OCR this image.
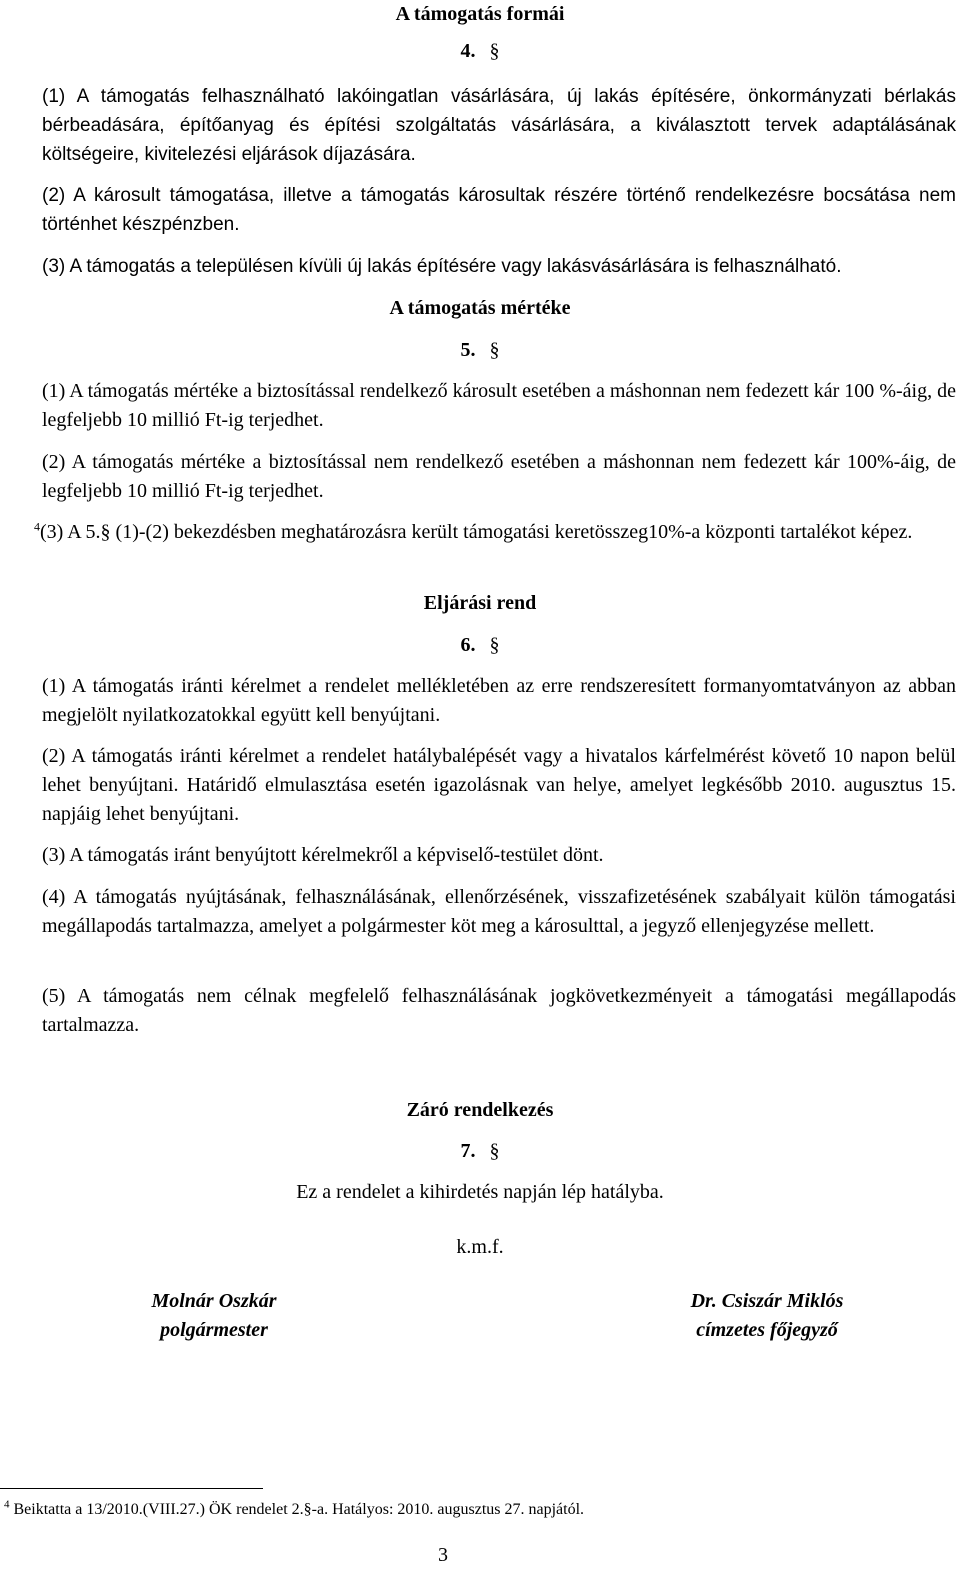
A támogatás formái
4. §

(1) A támogatás felhasználható lakóingatlan vásárlására, új lakás építésére, önkormányzati bérlakás bérbeadására, építőanyag és építési szolgáltatás vásárlására, a kiválasztott tervek adaptálásának költségeire, kivitelezési eljárások díjazására.

(2) A károsult támogatása, illetve a támogatás károsultak részére történő rendelkezésre bocsátása nem történhet készpénzben.

(3) A támogatás a településen kívüli új lakás építésére vagy lakásvásárlására is felhasználható.

A támogatás mértéke
5. §

(1) A támogatás mértéke a biztosítással rendelkező károsult esetében a máshonnan nem fedezett kár 100 %-áig, de legfeljebb 10 millió Ft-ig terjedhet.

(2) A támogatás mértéke a biztosítással nem rendelkező esetében a máshonnan nem fedezett kár 100%-áig, de legfeljebb 10 millió Ft-ig terjedhet.

$^4$(3) A 5.§ (1)-(2) bekezdésben meghatározásra került támogatási keretösszeg10%-a központi tartalékot képez.

Eljárási rend
6. §

(1) A támogatás iránti kérelmet a rendelet mellékletében az erre rendszeresített formanyomtatványon az abban megjelölt nyilatkozatokkal együtt kell benyújtani.

(2) A támogatás iránti kérelmet a rendelet hatálybalépését vagy a hivatalos kárfelmérést követő 10 napon belül lehet benyújtani. Határidő elmulasztása esetén igazolásnak van helye, amelyet legkésőbb 2010. augusztus 15. napjáig lehet benyújtani.

(3) A támogatás iránt benyújtott kérelmekről a képviselő-testület dönt.

(4) A támogatás nyújtásának, felhasználásának, ellenőrzésének, visszafizetésének szabályait külön támogatási megállapodás tartalmazza, amelyet a polgármester köt meg a károsulttal, a jegyző ellenjegyzése mellett.

(5) A támogatás nem célnak megfelelő felhasználásának jogkövetkezményeit a támogatási megállapodás tartalmazza.

Záró rendelkezés
7. §

Ez a rendelet a kihirdetés napján lép hatályba.

k.m.f.

Molnár Oszkár
polgármester
Dr. Csiszár Miklós
címzetes főjegyző
$^4$ Beiktatta a 13/2010.(VIII.27.) ÖK rendelet 2.§-a. Hatályos: 2010. augusztus 27. napjától.
3
